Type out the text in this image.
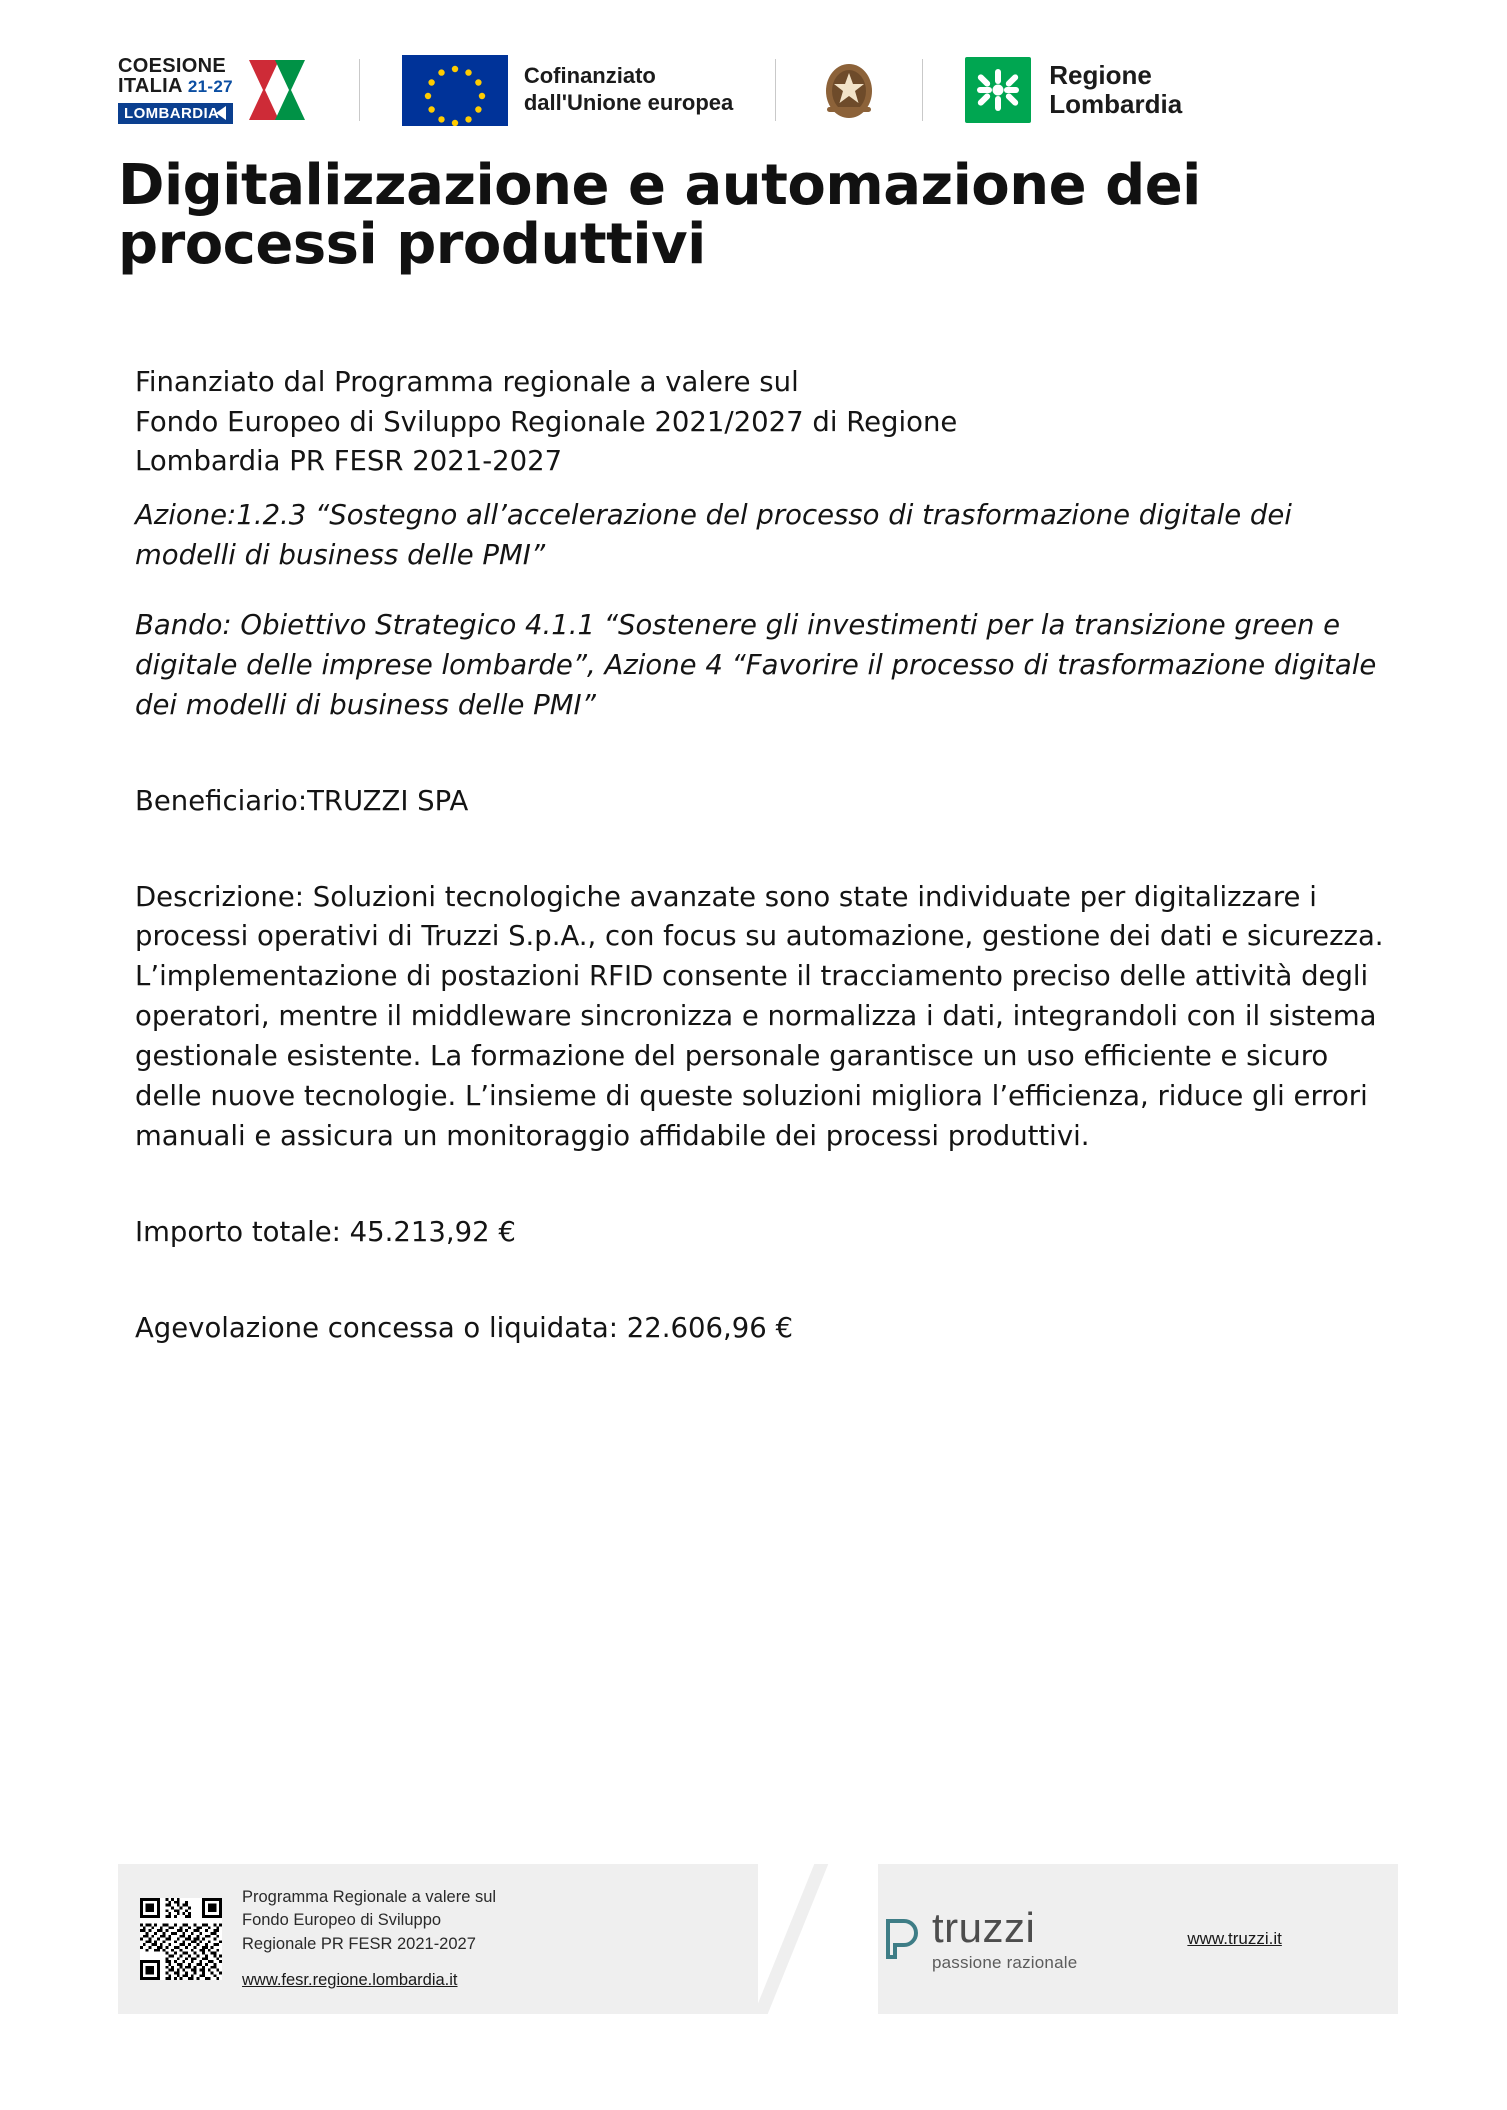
COESIONE
ITALIA 21-27
LOMBARDIA
Cofinanziato
dall'Unione europea
Regione
Lombardia
Digitalizzazione e automazione dei processi produttivi

Finanziato dal Programma regionale a valere sul

Fondo Europeo di Sviluppo Regionale 2021/2027 di Regione

Lombardia PR FESR 2021-2027

Azione:1.2.3 “Sostegno all’accelerazione del processo di trasformazione digitale dei modelli di business delle PMI”

Bando: Obiettivo Strategico 4.1.1 “Sostenere gli investimenti per la transizione green e digitale delle imprese lombarde”, Azione 4 “Favorire il processo di trasformazione digitale dei modelli di business delle PMI”

Beneficiario:TRUZZI SPA

Descrizione: Soluzioni tecnologiche avanzate sono state individuate per digitalizzare i processi operativi di Truzzi S.p.A., con focus su automazione, gestione dei dati e sicurezza. L’implementazione di postazioni RFID consente il tracciamento preciso delle attività degli operatori, mentre il middleware sincronizza e normalizza i dati, integrandoli con il sistema gestionale esistente. La formazione del personale garantisce un uso efficiente e sicuro delle nuove tecnologie. L’insieme di queste soluzioni migliora l’efficienza, riduce gli errori manuali e assicura un monitoraggio affidabile dei processi produttivi.

Importo totale: 45.213,92 €

Agevolazione concessa o liquidata: 22.606,96 €

Programma Regionale a valere sul
Fondo Europeo di Sviluppo
Regionale PR FESR 2021-2027
www.fesr.regione.lombardia.it
truzzi
passione razionale
www.truzzi.it
